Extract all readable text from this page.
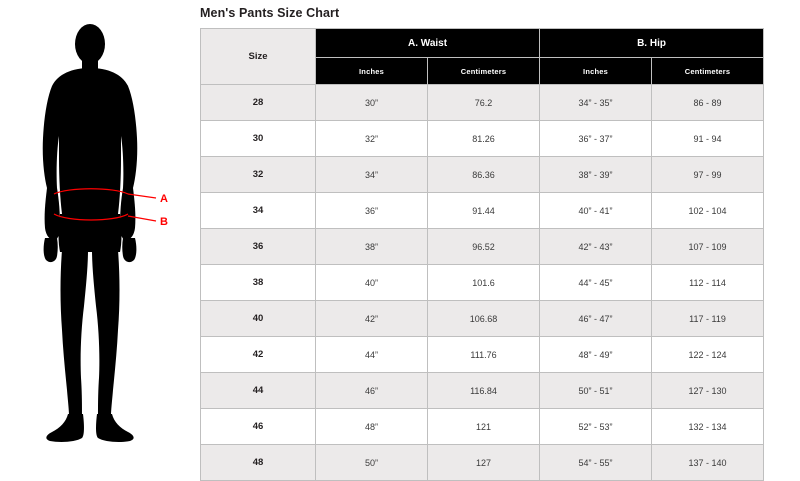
A
B
Men's Pants Size Chart
Size	A. Waist		B. Hip	
	Inches	Centimeters	Inches	Centimeters
28	30”	76.2	34” - 35”	86 - 89
30	32”	81.26	36” - 37”	91 - 94
32	34”	86.36	38” - 39”	97 - 99
34	36”	91.44	40” - 41”	102 - 104
36	38”	96.52	42” - 43”	107 - 109
38	40”	101.6	44” - 45”	112 - 114
40	42”	106.68	46” - 47”	117 - 119
42	44”	111.76	48” - 49”	122 - 124
44	46”	116.84	50” - 51”	127 - 130
46	48”	121	52” - 53”	132 - 134
48	50”	127	54” - 55”	137 - 140
